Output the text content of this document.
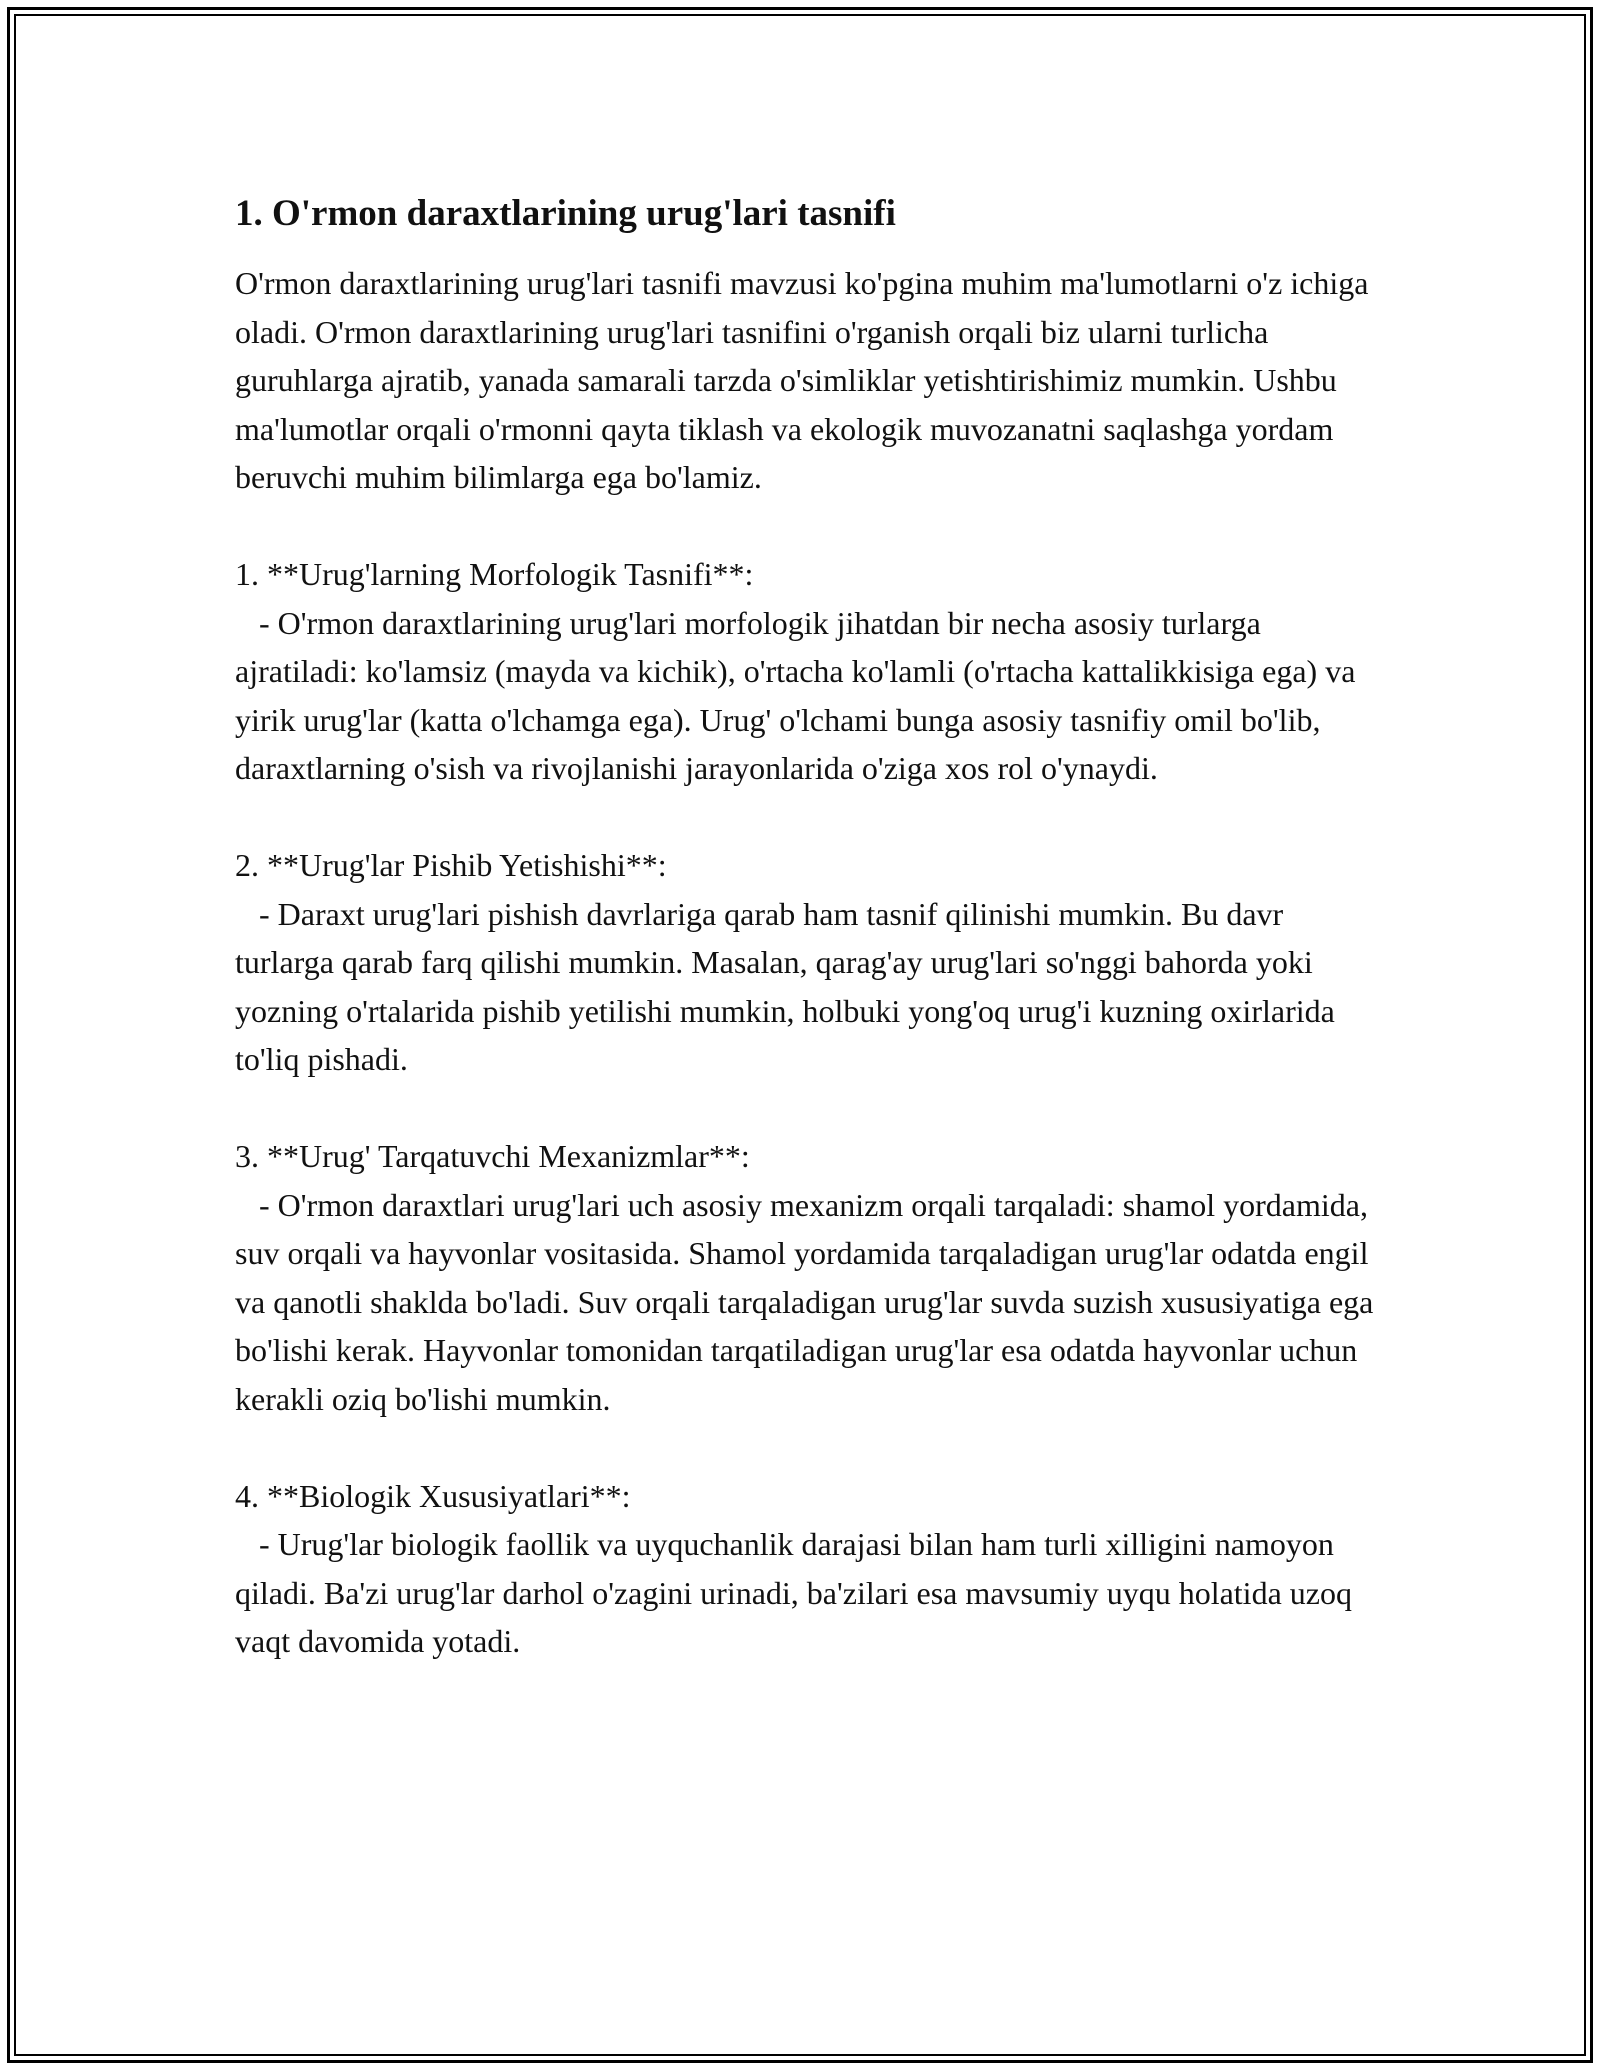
1. O'rmon daraxtlarining urug'lari tasnifi

O'rmon daraxtlarining urug'lari tasnifi mavzusi ko'pgina muhim ma'lumotlarni o'z ichiga oladi. O'rmon daraxtlarining urug'lari tasnifini o'rganish orqali biz ularni turlicha guruhlarga ajratib, yanada samarali tarzda o'simliklar yetishtirishimiz mumkin. Ushbu ma'lumotlar orqali o'rmonni qayta tiklash va ekologik muvozanatni saqlashga yordam beruvchi muhim bilimlarga ega bo'lamiz.

1. **Urug'larning Morfologik Tasnifi**:

- O'rmon daraxtlarining urug'lari morfologik jihatdan bir necha asosiy turlarga ajratiladi: ko'lamsiz (mayda va kichik), o'rtacha ko'lamli (o'rtacha kattalikkisiga ega) va yirik urug'lar (katta o'lchamga ega). Urug' o'lchami bunga asosiy tasnifiy omil bo'lib, daraxtlarning o'sish va rivojlanishi jarayonlarida o'ziga xos rol o'ynaydi.

2. **Urug'lar Pishib Yetishishi**:

- Daraxt urug'lari pishish davrlariga qarab ham tasnif qilinishi mumkin. Bu davr turlarga qarab farq qilishi mumkin. Masalan, qarag'ay urug'lari so'nggi bahorda yoki yozning o'rtalarida pishib yetilishi mumkin, holbuki yong'oq urug'i kuzning oxirlarida to'liq pishadi.

3. **Urug' Tarqatuvchi Mexanizmlar**:

- O'rmon daraxtlari urug'lari uch asosiy mexanizm orqali tarqaladi: shamol yordamida, suv orqali va hayvonlar vositasida. Shamol yordamida tarqaladigan urug'lar odatda engil va qanotli shaklda bo'ladi. Suv orqali tarqaladigan urug'lar suvda suzish xususiyatiga ega bo'lishi kerak. Hayvonlar tomonidan tarqatiladigan urug'lar esa odatda hayvonlar uchun kerakli oziq bo'lishi mumkin.

4. **Biologik Xususiyatlari**:

- Urug'lar biologik faollik va uyquchanlik darajasi bilan ham turli xilligini namoyon qiladi. Ba'zi urug'lar darhol o'zagini urinadi, ba'zilari esa mavsumiy uyqu holatida uzoq vaqt davomida yotadi.
